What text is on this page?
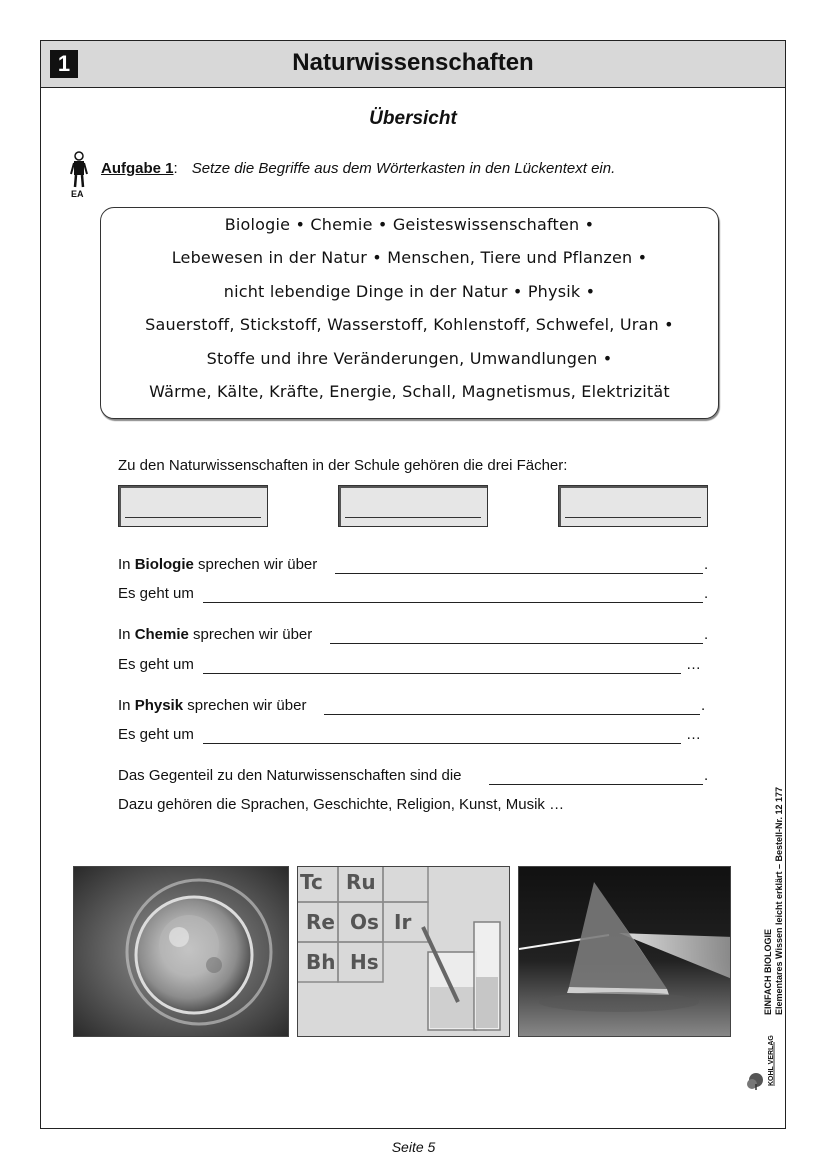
1	Naturwissenschaften
Übersicht
EA
Aufgabe 1: Setze die Begriffe aus dem Wörterkasten in den Lückentext ein.
Biologie • Chemie • Geisteswissenschaften •
Lebewesen in der Natur • Menschen, Tiere und Pflanzen •
nicht lebendige Dinge in der Natur • Physik •
Sauerstoff, Stickstoff, Wasserstoff, Kohlenstoff, Schwefel, Uran •
Stoffe und ihre Veränderungen, Umwandlungen •
Wärme, Kälte, Kräfte, Energie, Schall, Magnetismus, Elektrizität
Zu den Naturwissenschaften in der Schule gehören die drei Fächer:
In Biologie sprechen wir über	.
Es geht um	.
In Chemie sprechen wir über	.
Es geht um	…
In Physik sprechen wir über	.
Es geht um	…
Das Gegenteil zu den Naturwissenschaften sind die	.
Dazu gehören die Sprachen, Geschichte, Religion, Kunst, Musik …
Tc Ru
Re Os Ir
Bh Hs	EINFACH BIOLOGIE Elementares Wissen leicht erklärt – Bestell-Nr. 12 177
KOHL VERLAG
Seite 5
